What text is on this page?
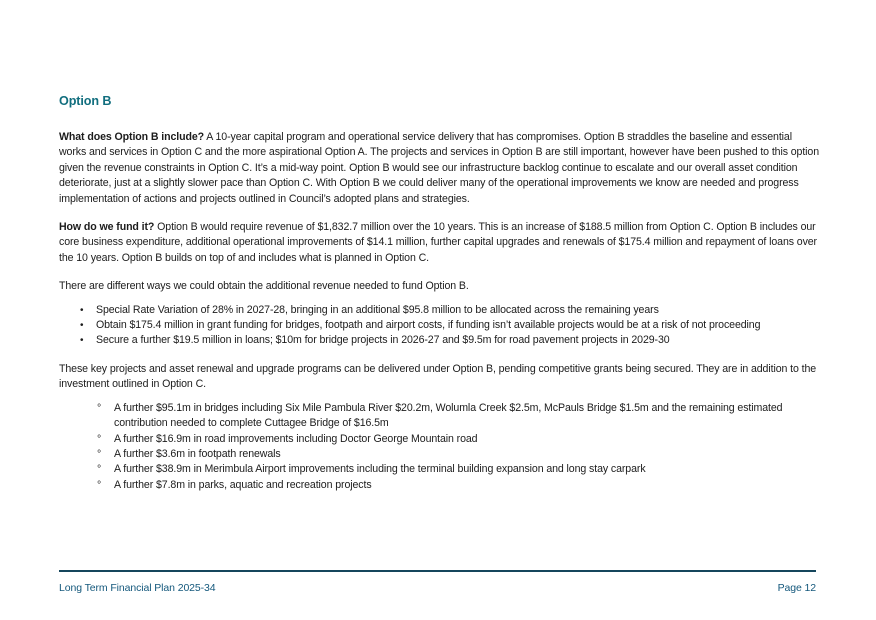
Option B

What does Option B include? A 10-year capital program and operational service delivery that has compromises. Option B straddles the baseline and essential works and services in Option C and the more aspirational Option A. The projects and services in Option B are still important, however have been pushed to this option given the revenue constraints in Option C. It’s a mid-way point. Option B would see our infrastructure backlog continue to escalate and our overall asset condition deteriorate, just at a slightly slower pace than Option C. With Option B we could deliver many of the operational improvements we know are needed and progress implementation of actions and projects outlined in Council’s adopted plans and strategies.

How do we fund it? Option B would require revenue of $1,832.7 million over the 10 years. This is an increase of $188.5 million from Option C. Option B includes our core business expenditure, additional operational improvements of $14.1 million, further capital upgrades and renewals of $175.4 million and repayment of loans over the 10 years. Option B builds on top of and includes what is planned in Option C.

There are different ways we could obtain the additional revenue needed to fund Option B.

•	Special Rate Variation of 28% in 2027-28, bringing in an additional $95.8 million to be allocated across the remaining years
•	Obtain $175.4 million in grant funding for bridges, footpath and airport costs, if funding isn’t available projects would be at a risk of not proceeding
•	Secure a further $19.5 million in loans; $10m for bridge projects in 2026-27 and $9.5m for road pavement projects in 2029-30

These key projects and asset renewal and upgrade programs can be delivered under Option B, pending competitive grants being secured. They are in addition to the investment outlined in Option C.

°	A further $95.1m in bridges including Six Mile Pambula River $20.2m, Wolumla Creek $2.5m, McPauls Bridge $1.5m and the remaining estimated contribution needed to complete Cuttagee Bridge of $16.5m
°	A further $16.9m in road improvements including Doctor George Mountain road
°	A further $3.6m in footpath renewals
°	A further $38.9m in Merimbula Airport improvements including the terminal building expansion and long stay carpark
°	A further $7.8m in parks, aquatic and recreation projects
Long Term Financial Plan 2025-34	Page 12
